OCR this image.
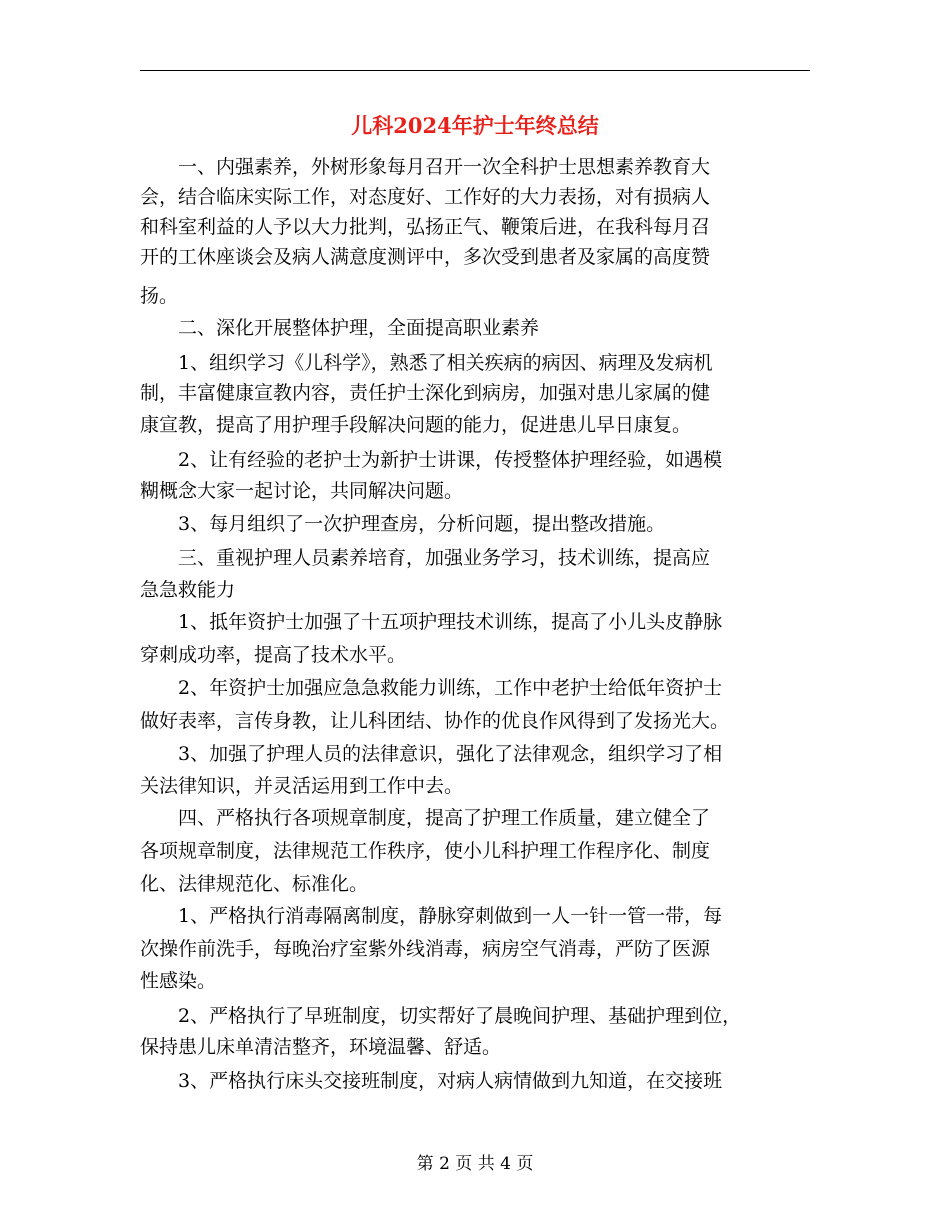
儿科2024年护士年终总结
　　一、内强素养，外树形象每月召开一次全科护士思想素养教育大
会，结合临床实际工作，对态度好、工作好的大力表扬，对有损病人
和科室利益的人予以大力批判，弘扬正气、鞭策后进，在我科每月召
开的工休座谈会及病人满意度测评中，多次受到患者及家属的高度赞
扬。
　　二、深化开展整体护理，全面提高职业素养
　　1、组织学习《儿科学》，熟悉了相关疾病的病因、病理及发病机
制，丰富健康宣教内容，责任护士深化到病房，加强对患儿家属的健
康宣教，提高了用护理手段解决问题的能力，促进患儿早日康复。
　　2、让有经验的老护士为新护士讲课，传授整体护理经验，如遇模
糊概念大家一起讨论，共同解决问题。
　　3、每月组织了一次护理查房，分析问题，提出整改措施。
　　三、重视护理人员素养培育，加强业务学习，技术训练，提高应
急急救能力
　　1、抵年资护士加强了十五项护理技术训练，提高了小儿头皮静脉
穿刺成功率，提高了技术水平。
　　2、年资护士加强应急急救能力训练，工作中老护士给低年资护士
做好表率，言传身教，让儿科团结、协作的优良作风得到了发扬光大。
　　3、加强了护理人员的法律意识，强化了法律观念，组织学习了相
关法律知识，并灵活运用到工作中去。
　　四、严格执行各项规章制度，提高了护理工作质量，建立健全了
各项规章制度，法律规范工作秩序，使小儿科护理工作程序化、制度
化、法律规范化、标准化。
　　1、严格执行消毒隔离制度，静脉穿刺做到一人一针一管一带，每
次操作前洗手，每晚治疗室紫外线消毒，病房空气消毒，严防了医源
性感染。
　　2、严格执行了早班制度，切实帮好了晨晚间护理、基础护理到位，
保持患儿床单清洁整齐，环境温馨、舒适。
　　3、严格执行床头交接班制度，对病人病情做到九知道，在交接班
第 2 页 共 4 页
